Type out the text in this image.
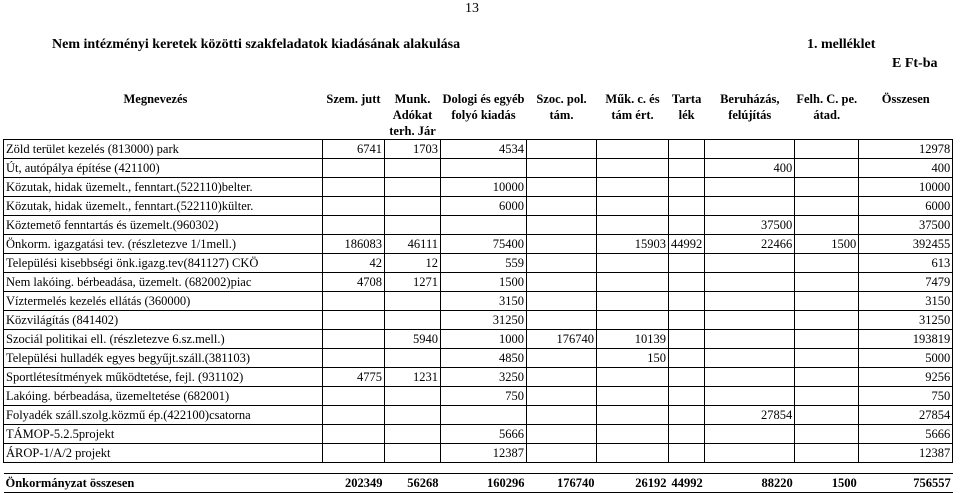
13
Nem intézményi keretek közötti szakfeladatok kiadásának alakulása	1. melléklet
E Ft-ba
Megnevezés	Szem. jutt	Munk. Adókat terh. Jár	Dologi és egyéb folyó kiadás	Szoc. pol. tám.	Műk. c. és tám ért.	Tarta lék	Beruházás, felújítás	Felh. C. pe. átad.	Összesen
Zöld terület kezelés (813000) park	6741	1703	4534						12978
Út, autópálya építése (421100)							400		400
Közutak, hidak üzemelt., fenntart.(522110)belter.			10000						10000
Közutak, hidak üzemelt., fenntart.(522110)külter.			6000						6000
Köztemető fenntartás és üzemelt.(960302)							37500		37500
Önkorm. igazgatási tev. (részletezve 1/1mell.)	186083	46111	75400		15903	44992	22466	1500	392455
Települési kisebbségi önk.igazg.tev(841127) CKÖ	42	12	559						613
Nem lakóing. bérbeadása, üzemelt. (682002)piac	4708	1271	1500						7479
Víztermelés kezelés ellátás (360000)			3150						3150
Közvilágítás (841402)			31250						31250
Szociál politikai ell. (részletezve 6.sz.mell.)		5940	1000	176740	10139				193819
Települési hulladék egyes begyűjt.száll.(381103)			4850		150				5000
Sportlétesítmények működtetése, fejl. (931102)	4775	1231	3250						9256
Lakóing. bérbeadása, üzemeltetése (682001)			750						750
Folyadék száll.szolg.közmű ép.(422100)csatorna							27854		27854
TÁMOP-5.2.5projekt			5666						5666
ÁROP-1/A/2 projekt			12387						12387

Önkormányzat összesen	202349	56268	160296	176740	26192	44992	88220	1500	756557
